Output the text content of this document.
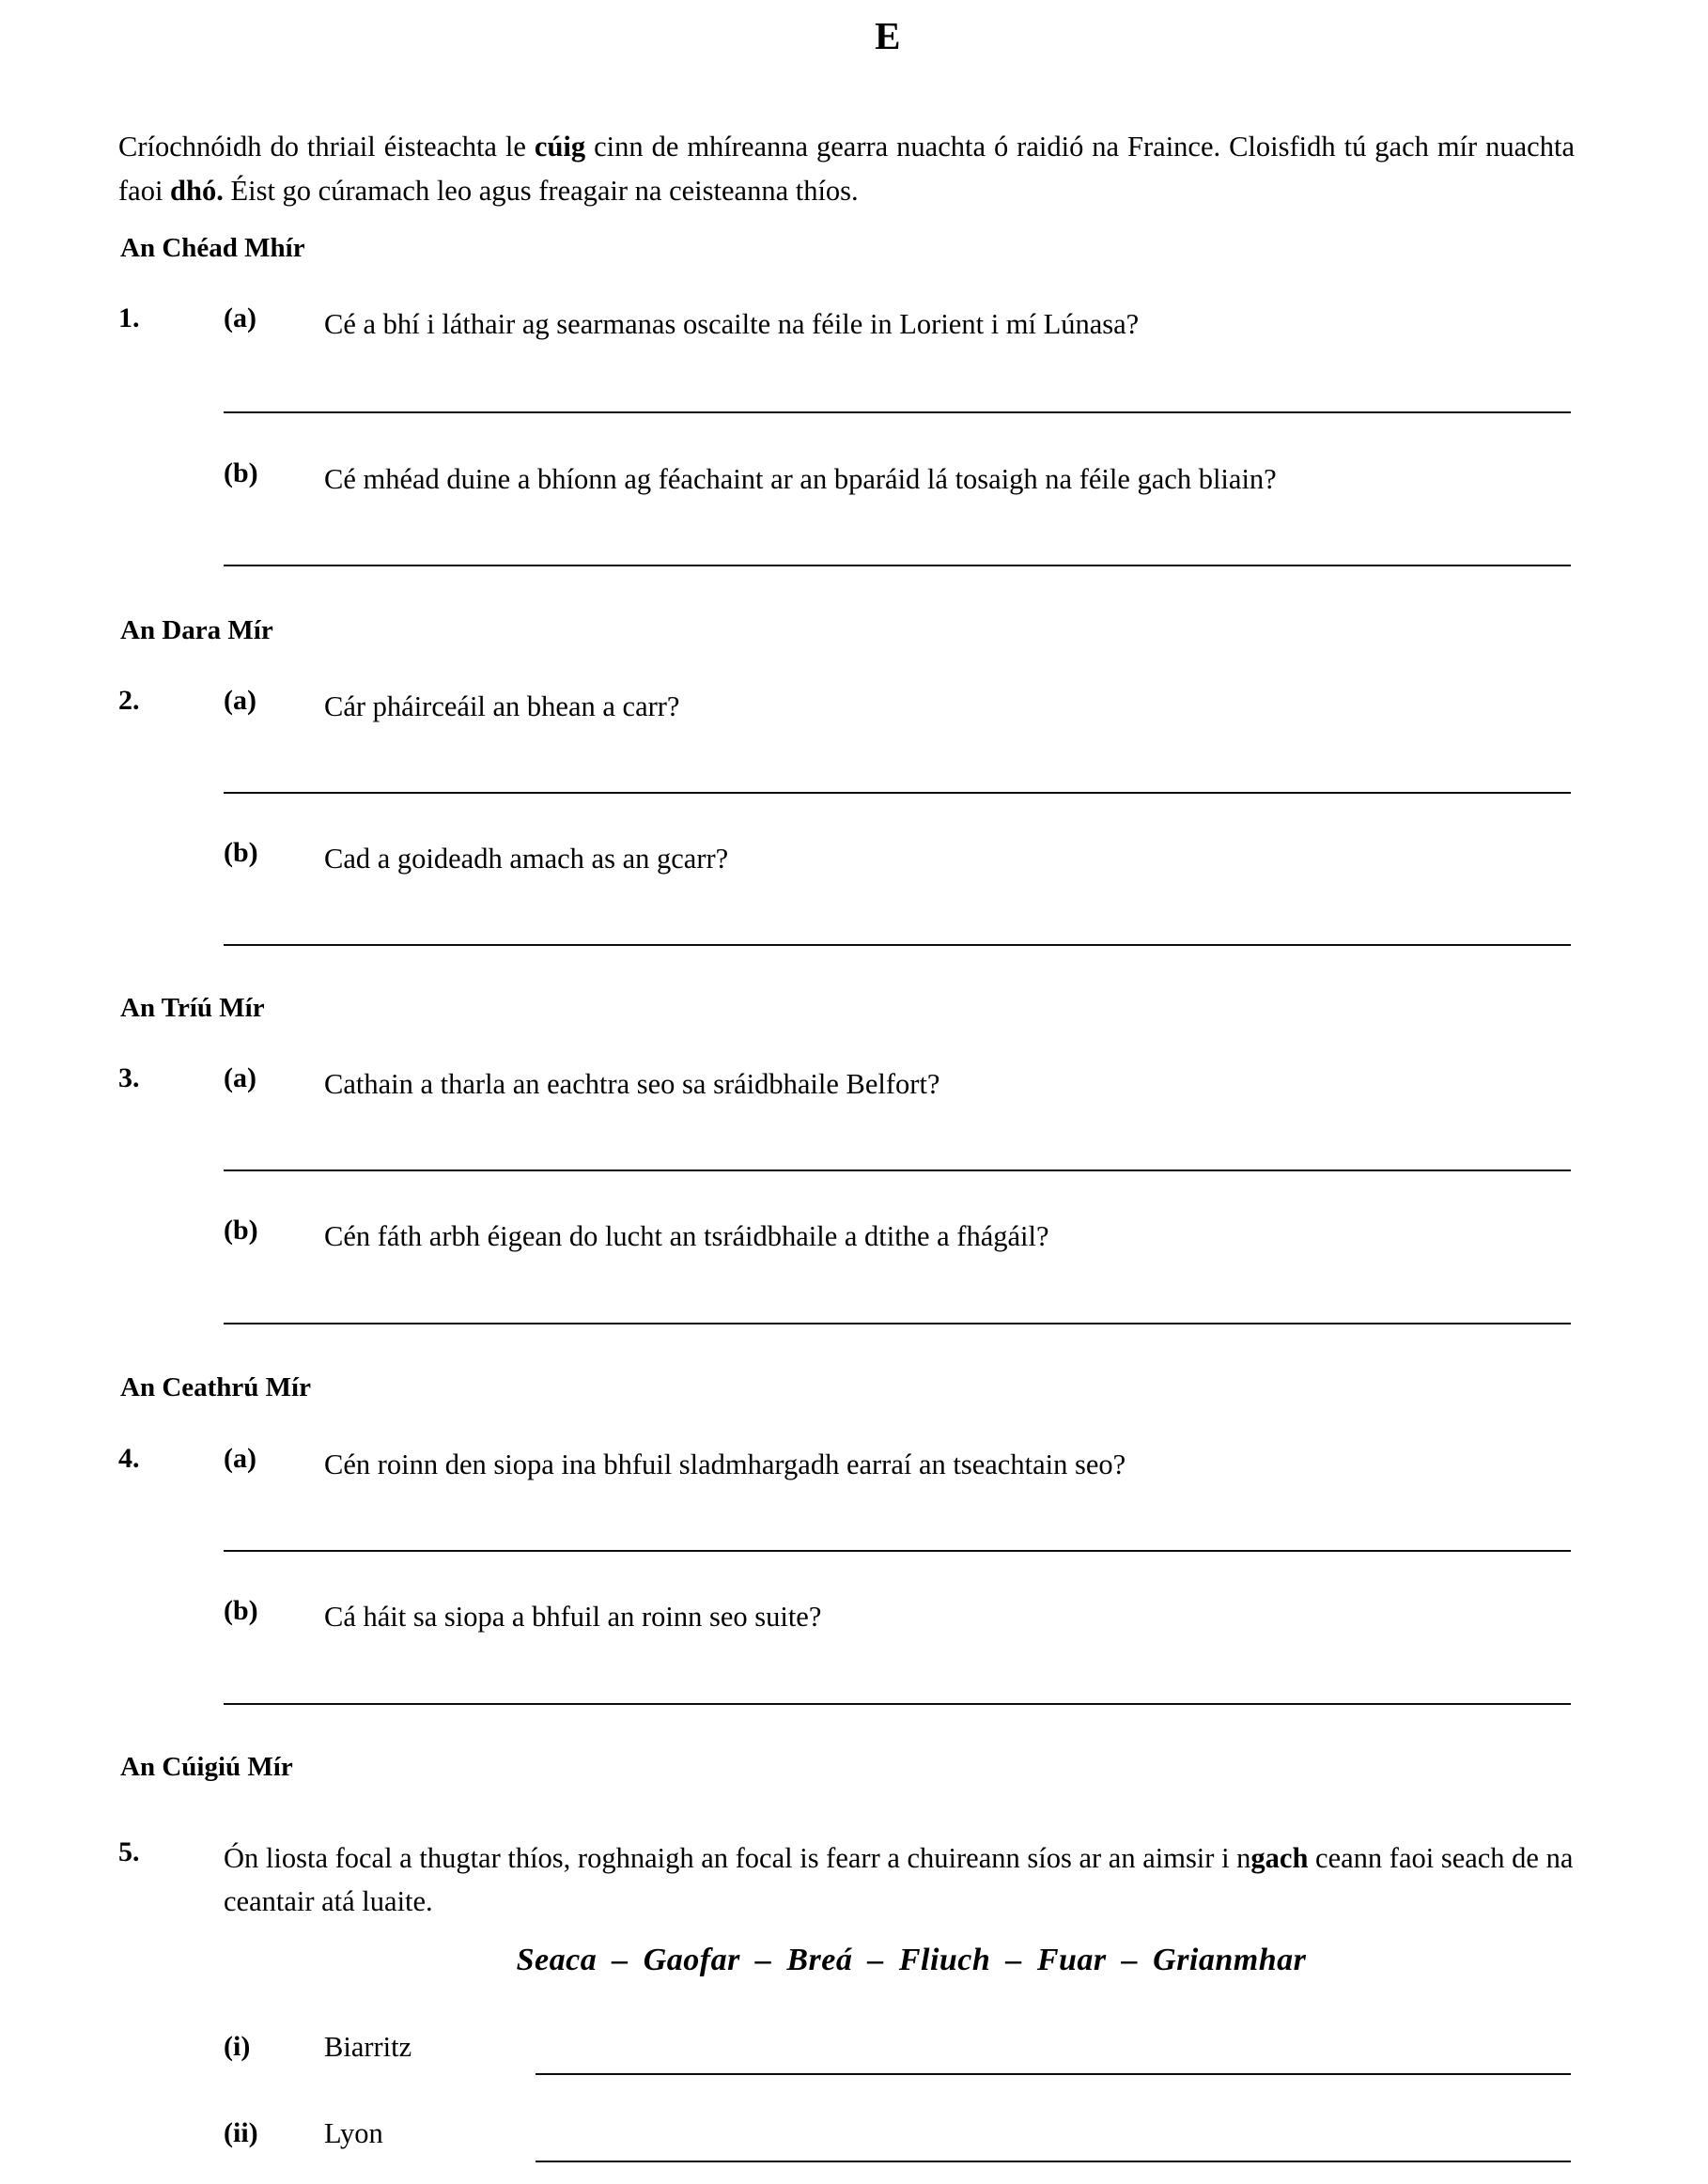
E

Críochnóidh do thriail éisteachta le cúig cinn de mhíreanna gearra nuachta ó raidió na Fraince. Cloisfidh tú gach mír nuachta faoi dhó. Éist go cúramach leo agus freagair na ceisteanna thíos.

An Chéad Mhír
1.	(a) Cé a bhí i láthair ag searmanas oscailte na féile in Lorient i mí Lúnasa?
(b) Cé mhéad duine a bhíonn ag féachaint ar an bparáid lá tosaigh na féile gach bliain?
An Dara Mír
2.	(a) Cár pháirceáil an bhean a carr?
(b) Cad a goideadh amach as an gcarr?
An Tríú Mír
3.	(a) Cathain a tharla an eachtra seo sa sráidbhaile Belfort?
(b) Cén fáth arbh éigean do lucht an tsráidbhaile a dtithe a fhágáil?
An Ceathrú Mír
4.	(a) Cén roinn den siopa ina bhfuil sladmhargadh earraí an tseachtain seo?
(b) Cá háit sa siopa a bhfuil an roinn seo suite?
An Cúigiú Mír
5.	Ón liosta focal a thugtar thíos, roghnaigh an focal is fearr a chuireann síos ar an aimsir i ngach ceann faoi seach de na ceantair atá luaite.
Seaca – Gaofar – Breá – Fliuch – Fuar – Grianmhar
(i)	Biarritz
(ii) Lyon
